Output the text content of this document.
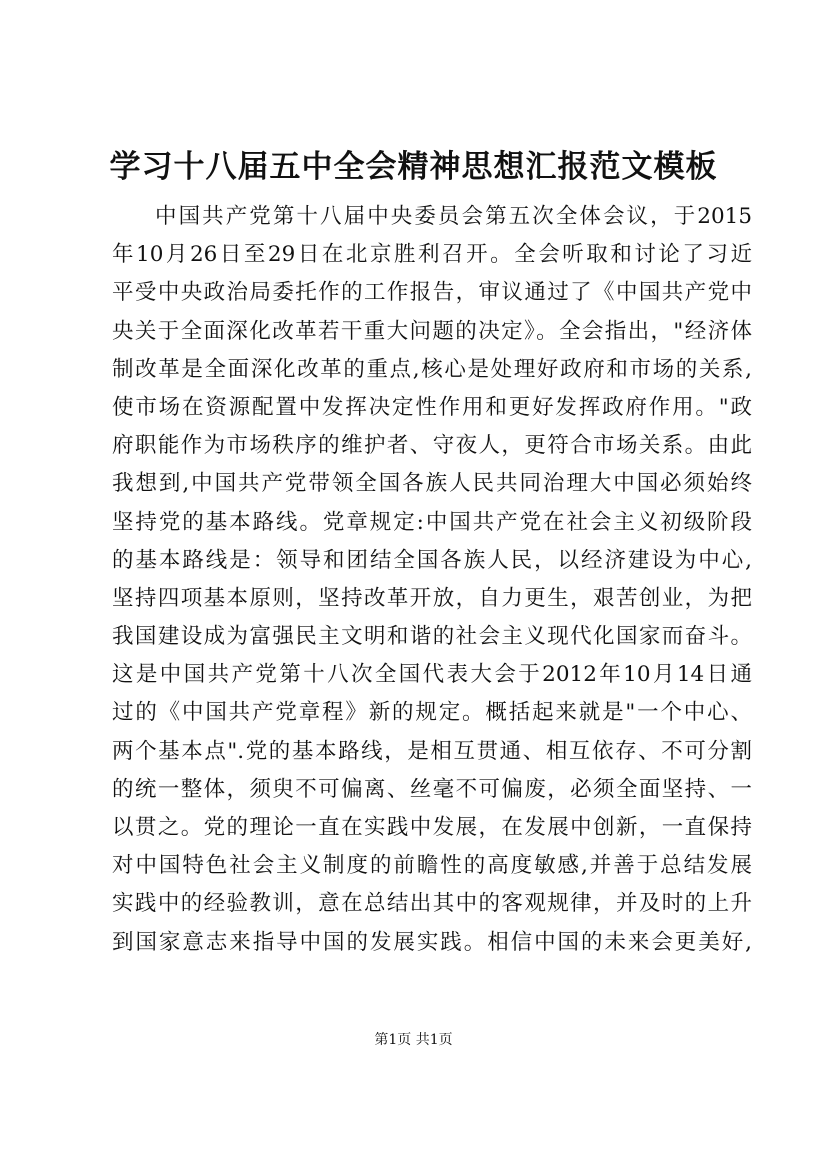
学习十八届五中全会精神思想汇报范文模板
中国共产党第十八届中央委员会第五次全体会议，于2015
年10月26日至29日在北京胜利召开。全会听取和讨论了习近
平受中央政治局委托作的工作报告，审议通过了《中国共产党中
央关于全面深化改革若干重大问题的决定》。全会指出，"经济体
制改革是全面深化改革的重点,核心是处理好政府和市场的关系,
使市场在资源配置中发挥决定性作用和更好发挥政府作用。"政
府职能作为市场秩序的维护者、守夜人，更符合市场关系。由此
我想到,中国共产党带领全国各族人民共同治理大中国必须始终
坚持党的基本路线。党章规定:中国共产党在社会主义初级阶段
的基本路线是：领导和团结全国各族人民，以经济建设为中心,
坚持四项基本原则，坚持改革开放，自力更生，艰苦创业，为把
我国建设成为富强民主文明和谐的社会主义现代化国家而奋斗。
这是中国共产党第十八次全国代表大会于2012年10月14日通
过的《中国共产党章程》新的规定。概括起来就是"一个中心、
两个基本点".党的基本路线，是相互贯通、相互依存、不可分割
的统一整体，须臾不可偏离、丝毫不可偏废，必须全面坚持、一
以贯之。党的理论一直在实践中发展，在发展中创新，一直保持
对中国特色社会主义制度的前瞻性的高度敏感,并善于总结发展
实践中的经验教训，意在总结出其中的客观规律，并及时的上升
到国家意志来指导中国的发展实践。相信中国的未来会更美好,
第1页 共1页
